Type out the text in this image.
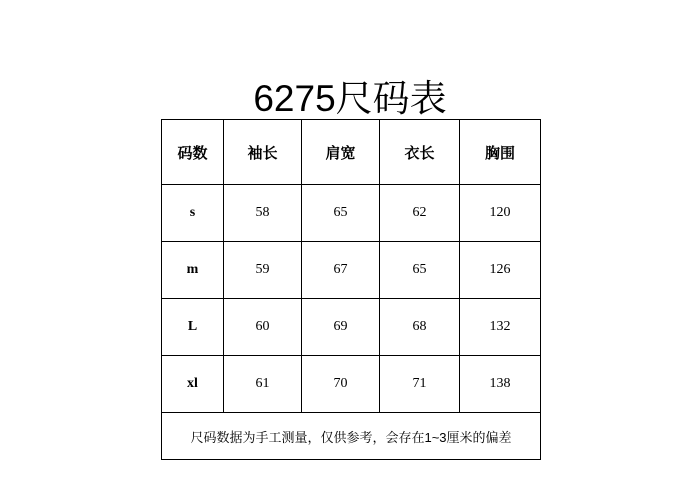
6275尺码表
码数	袖长	肩宽	衣长	胸围
s	58	65	62	120
m	59	67	65	126
L	60	69	68	132
xl	61	70	71	138
尺码数据为手工测量，仅供参考，会存在1~3厘米的偏差				
